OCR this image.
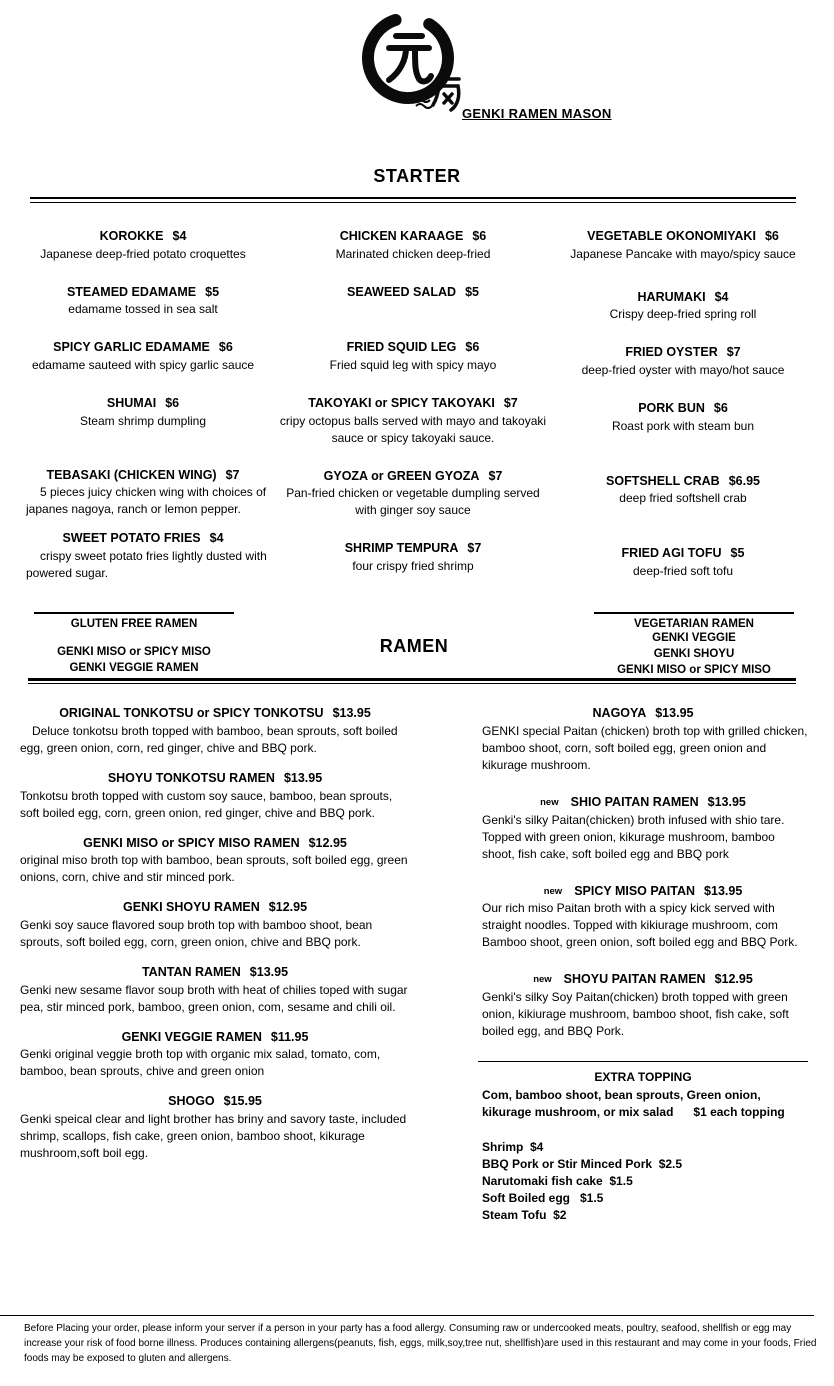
GENKI RAMEN MASON
STARTER
KOROKKE $4
Japanese deep-fried potato croquettes
STEAMED EDAMAME $5
edamame tossed in sea salt
SPICY GARLIC EDAMAME $6
edamame sauteed with spicy garlic sauce
SHUMAI $6
Steam shrimp dumpling
TEBASAKI (CHICKEN WING) $7
5 pieces juicy chicken wing with choices of japanes nagoya, ranch or lemon pepper.
SWEET POTATO FRIES $4
crispy sweet potato fries lightly dusted with powered sugar.
CHICKEN KARAAGE $6
Marinated chicken deep-fried
SEAWEED SALAD $5
FRIED SQUID LEG $6
Fried squid leg with spicy mayo
TAKOYAKI or SPICY TAKOYAKI $7
cripy octopus balls served with mayo and takoyaki sauce or spicy takoyaki sauce.
GYOZA or GREEN GYOZA $7
Pan-fried chicken or vegetable dumpling served with ginger soy sauce
SHRIMP TEMPURA $7
four crispy fried shrimp
VEGETABLE OKONOMIYAKI $6
Japanese Pancake with mayo/spicy sauce
HARUMAKI $4
Crispy deep-fried spring roll
FRIED OYSTER $7
deep-fried oyster with mayo/hot sauce
PORK BUN $6
Roast pork with steam bun
SOFTSHELL CRAB $6.95
deep fried softshell crab
FRIED AGI TOFU $5
deep-fried soft tofu
GLUTEN FREE RAMEN
GENKI MISO or SPICY MISO
GENKI VEGGIE RAMEN
RAMEN
VEGETARIAN RAMEN
GENKI VEGGIE
GENKI SHOYU
GENKI MISO or SPICY MISO
ORIGINAL TONKOTSU or SPICY TONKOTSU $13.95
Deluce tonkotsu broth topped with bamboo, bean sprouts, soft boiled egg, green onion, corn, red ginger, chive and BBQ pork.
SHOYU TONKOTSU RAMEN $13.95
Tonkotsu broth topped with custom soy sauce, bamboo, bean sprouts, soft boiled egg, corn, green onion, red ginger, chive and BBQ pork.
GENKI MISO or SPICY MISO RAMEN $12.95
original miso broth top with bamboo, bean sprouts, soft boiled egg, green onions, corn, chive and stir minced pork.
GENKI SHOYU RAMEN $12.95
Genki soy sauce flavored soup broth top with bamboo shoot, bean sprouts, soft boiled egg, corn, green onion, chive and BBQ pork.
TANTAN RAMEN $13.95
Genki new sesame flavor soup broth with heat of chilies toped with sugar pea, stir minced pork, bamboo, green onion, com, sesame and chili oil.
GENKI VEGGIE RAMEN $11.95
Genki original veggie broth top with organic mix salad, tomato, com, bamboo, bean sprouts, chive and green onion
SHOGO $15.95
Genki speical clear and light brother has briny and savory taste, included shrimp, scallops, fish cake, green onion, bamboo shoot, kikurage mushroom,soft boil egg.
NAGOYA $13.95
GENKI special Paitan (chicken) broth top with grilled chicken, bamboo shoot, corn, soft boiled egg, green onion and kikurage mushroom.
new SHIO PAITAN RAMEN $13.95
Genki's silky Paitan(chicken) broth infused with shio tare. Topped with green onion, kikurage mushroom, bamboo shoot, fish cake, soft boiled egg and BBQ pork
new SPICY MISO PAITAN $13.95
Our rich miso Paitan broth with a spicy kick served with straight noodles. Topped with kikiurage mushroom, com Bamboo shoot, green onion, soft boiled egg and BBQ Pork.
new SHOYU PAITAN RAMEN $12.95
Genki's silky Soy Paitan(chicken) broth topped with green onion, kikiurage mushroom, bamboo shoot, fish cake, soft boiled egg, and BBQ Pork.
EXTRA TOPPING
Com, bamboo shoot, bean sprouts, Green onion,
kikurage mushroom, or mix salad      $1 each topping
Shrimp  $4
BBQ Pork or Stir Minced Pork  $2.5
Narutomaki fish cake  $1.5
Soft Boiled egg   $1.5
Steam Tofu  $2
Before Placing your order, please inform your server if a person in your party has a food allergy. Consuming raw or undercooked meats, poultry, seafood, shellfish or egg may increase your risk of food borne illness. Produces containing allergens(peanuts, fish, eggs, milk,soy,tree nut, shellfish)are used in this restaurant and may come in your foods, Fried foods may be exposed to gluten and allergens.
